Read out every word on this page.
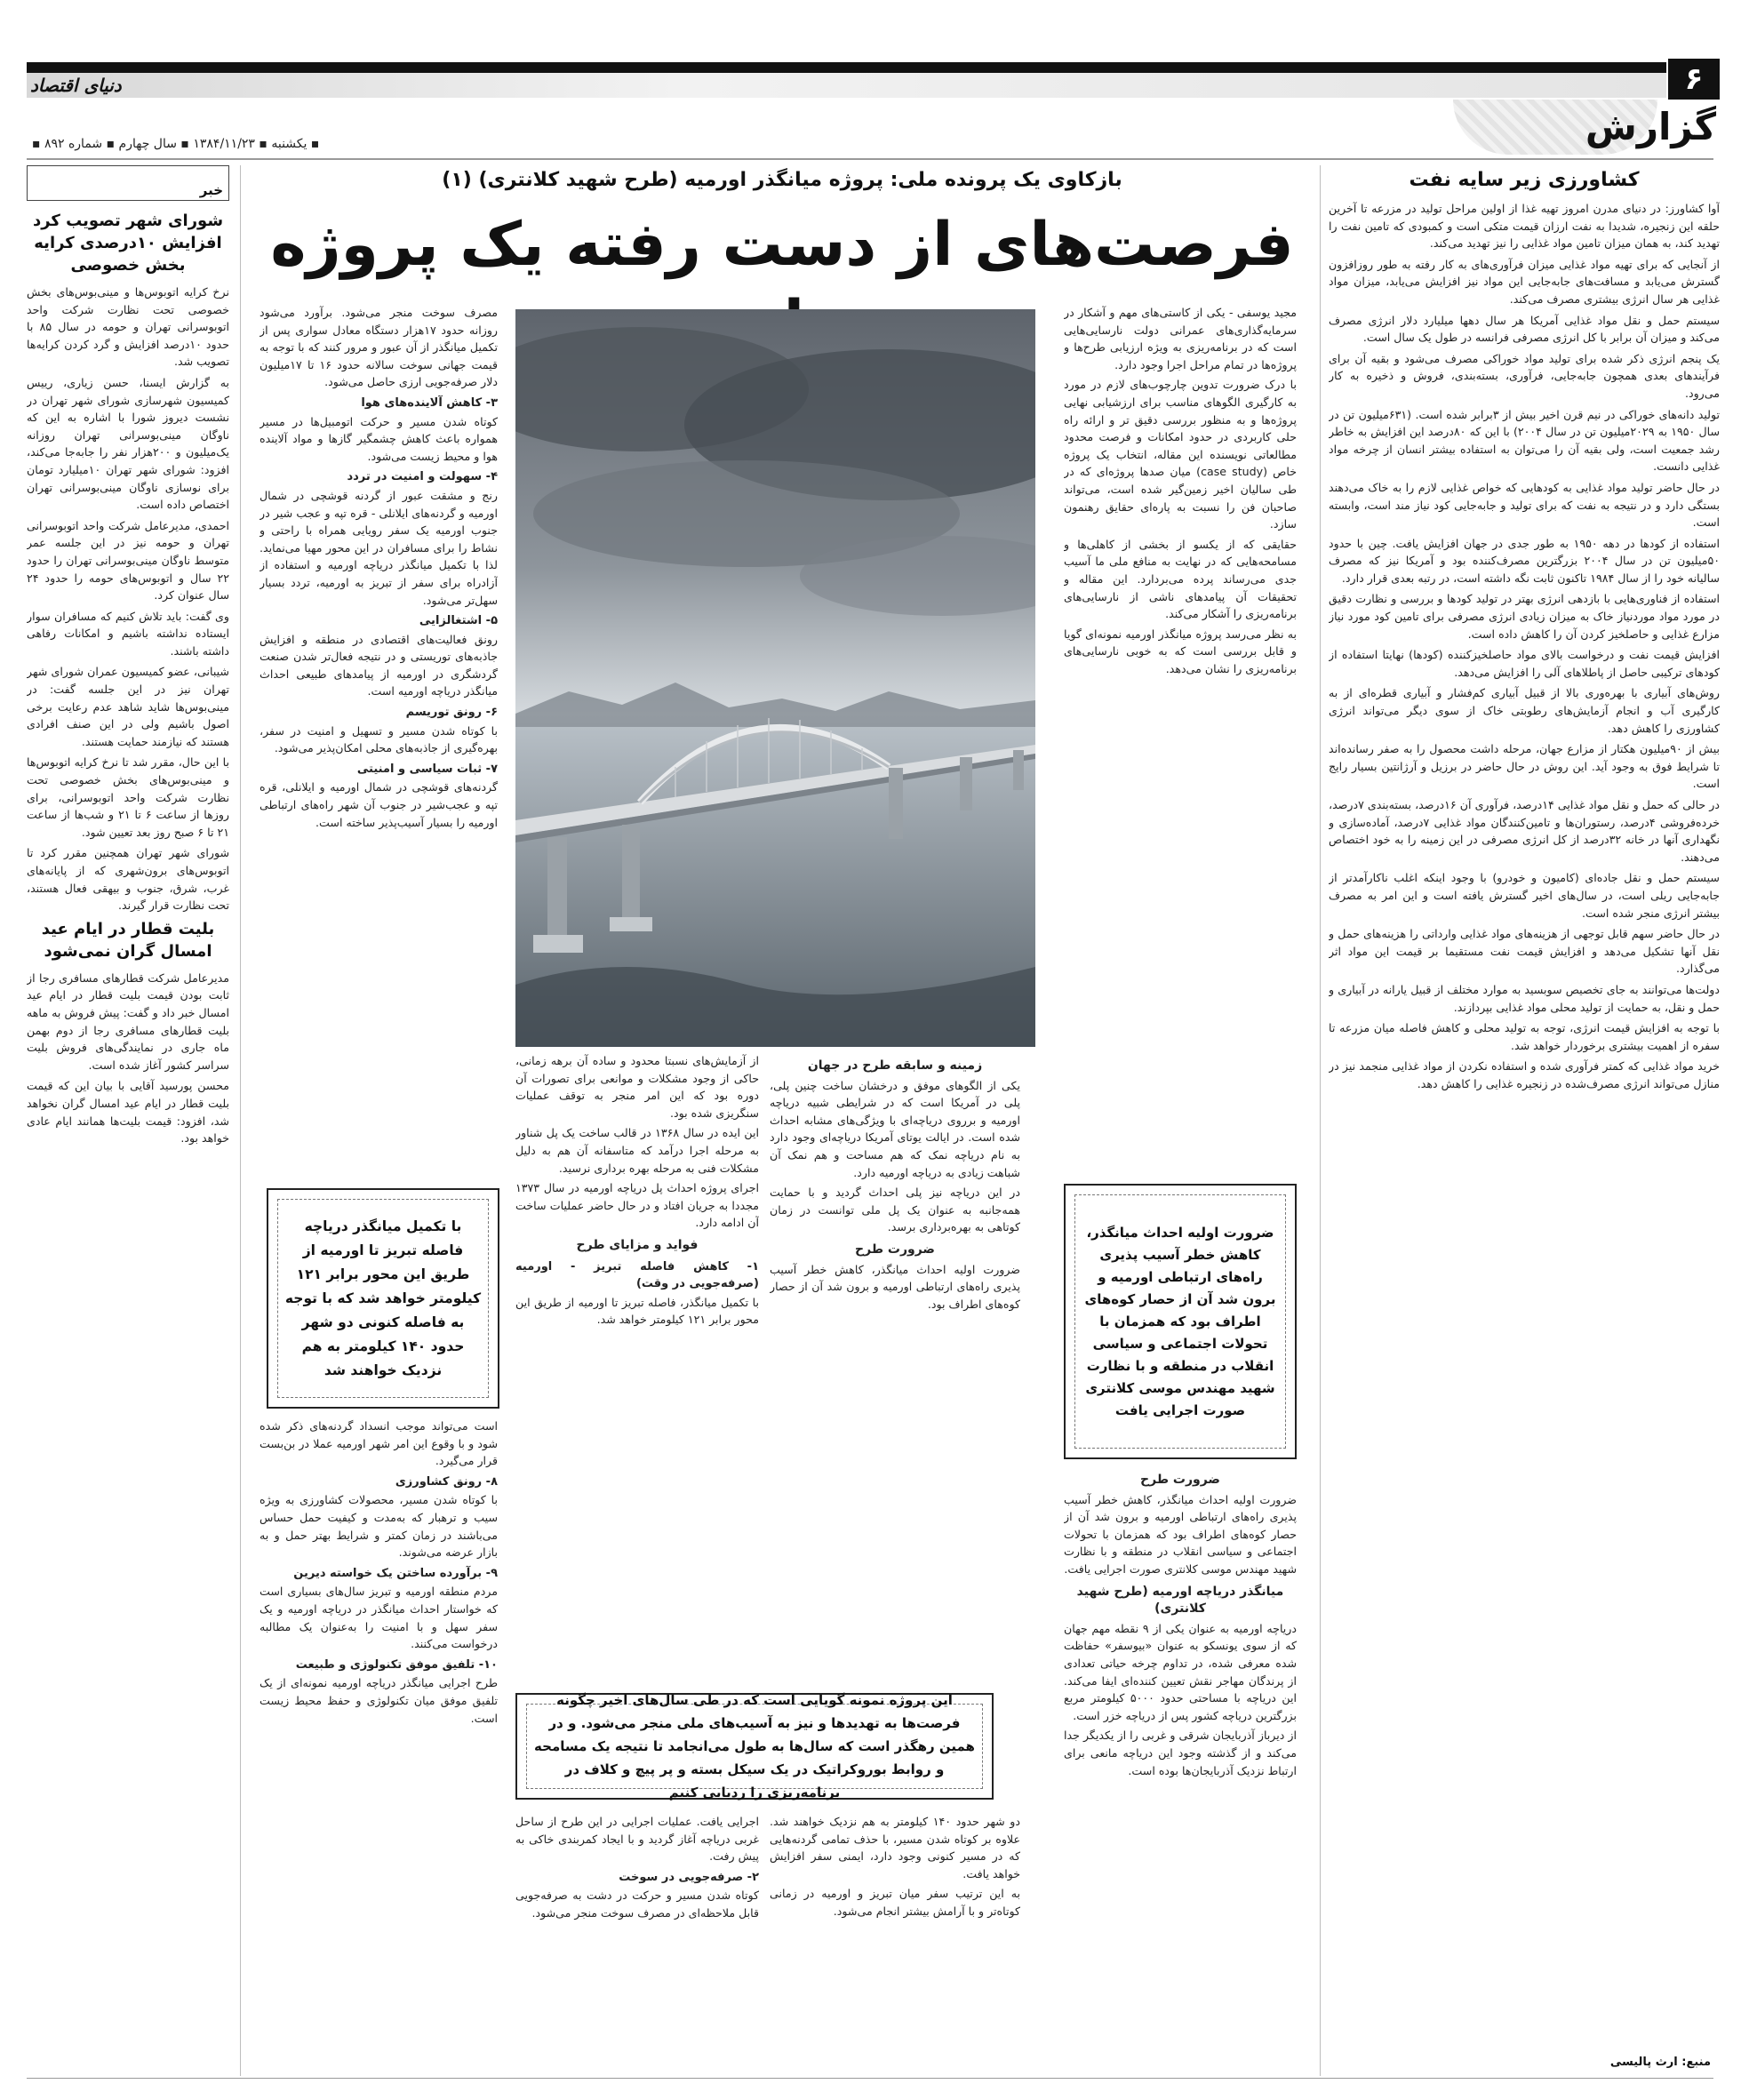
۶
دنیای اقتصاد
گزارش
▪ یکشنبه ▪ ۱۳۸۴/۱۱/۲۳ ▪ سال چهارم ▪ شماره ۸۹۲ ▪
کشاورزی زیر سایه نفت

آوا کشاورز: در دنیای مدرن امروز تهیه غذا از اولین مراحل تولید در مزرعه تا آخرین حلقه این زنجیره، شدیدا به نفت ارزان قیمت متکی است و کمبودی که تامین نفت را تهدید کند، به همان میزان تامین مواد غذایی را نیز تهدید می‌کند.

از آنجایی که برای تهیه مواد غذایی میزان فرآوری‌های به کار رفته به طور روزافزون گسترش می‌یابد و مسافت‌های جابه‌جایی این مواد نیز افزایش می‌یابد، میزان مواد غذایی هر سال انرژی بیشتری مصرف می‌کند.

سیستم حمل و نقل مواد غذایی آمریکا هر سال دهها میلیارد دلار انرژی مصرف می‌کند و میزان آن برابر با کل انرژی مصرفی فرانسه در طول یک سال است.

یک پنجم انرژی ذکر شده برای تولید مواد خوراکی مصرف می‌شود و بقیه آن برای فرآیندهای بعدی همچون جابه‌جایی، فرآوری، بسته‌بندی، فروش و ذخیره به کار می‌رود.

تولید دانه‌های خوراکی در نیم قرن اخیر بیش از ۳برابر شده است. (۶۳۱میلیون تن در سال ۱۹۵۰ به ۲۰۲۹میلیون تن در سال ۲۰۰۴) با این که ۸۰درصد این افزایش به خاطر رشد جمعیت است، ولی بقیه آن را می‌توان به استفاده بیشتر انسان از چرخه مواد غذایی دانست.

در حال حاضر تولید مواد غذایی به کودهایی که خواص غذایی لازم را به خاک می‌دهند بستگی دارد و در نتیجه به نفت که برای تولید و جابه‌جایی کود نیاز مند است، وابسته است.

استفاده از کودها در دهه ۱۹۵۰ به طور جدی در جهان افزایش یافت. چین با حدود ۵۰میلیون تن در سال ۲۰۰۴ بزرگترین مصرف‌کننده بود و آمریکا نیز که مصرف سالیانه خود را از سال ۱۹۸۴ تاکنون ثابت نگه داشته است، در رتبه بعدی قرار دارد.

استفاده از فناوری‌هایی با بازدهی انرژی بهتر در تولید کودها و بررسی و نظارت دقیق در مورد مواد موردنیاز خاک به میزان زیادی انرژی مصرفی برای تامین کود مورد نیاز مزارع غذایی و حاصلخیز کردن آن را کاهش داده است.

افزایش قیمت نفت و درخواست بالای مواد حاصلخیزکننده (کودها) نهایتا استفاده از کودهای ترکیبی حاصل از پاطلاهای آلی را افزایش می‌دهد.

روش‌های آبیاری با بهره‌وری بالا از قبیل آبیاری کم‌فشار و آبیاری قطره‌ای از به کارگیری آب و انجام آزمایش‌های رطوبتی خاک از سوی دیگر می‌تواند انرژی کشاورزی را کاهش دهد.

بیش از ۹۰میلیون هکتار از مزارع جهان، مرحله داشت محصول را به صفر رسانده‌اند تا شرایط فوق به وجود آید. این روش در حال حاضر در برزیل و آرژانتین بسیار رایج است.

در حالی که حمل و نقل مواد غذایی ۱۴درصد، فرآوری آن ۱۶درصد، بسته‌بندی ۷درصد، خرده‌فروشی ۴درصد، رستوران‌ها و تامین‌کنندگان مواد غذایی ۷درصد، آماده‌سازی و نگهداری آنها در خانه ۳۲درصد از کل انرژی مصرفی در این زمینه را به خود اختصاص می‌دهند.

سیستم حمل و نقل جاده‌ای (کامیون و خودرو) با وجود اینکه اغلب ناکارآمدتر از جابه‌جایی ریلی است، در سال‌های اخیر گسترش یافته است و این امر به مصرف بیشتر انرژی منجر شده است.

در حال حاضر سهم قابل توجهی از هزینه‌های مواد غذایی وارداتی را هزینه‌های حمل و نقل آنها تشکیل می‌دهد و افزایش قیمت نفت مستقیما بر قیمت این مواد اثر می‌گذارد.

دولت‌ها می‌توانند به جای تخصیص سوبسید به موارد مختلف از قبیل یارانه در آبیاری و حمل و نقل، به حمایت از تولید محلی مواد غذایی بپردازند.

با توجه به افزایش قیمت انرژی، توجه به تولید محلی و کاهش فاصله میان مزرعه تا سفره از اهمیت بیشتری برخوردار خواهد شد.

خرید مواد غذایی که کمتر فرآوری شده و استفاده نکردن از مواد غذایی منجمد نیز در منازل می‌تواند انرژی مصرف‌شده در زنجیره غذایی را کاهش دهد.

منبع: ارث پالیسی
خبر
شورای شهر تصویب کرد افزایش ۱۰درصدی کرایه بخش خصوصی

نرخ کرایه اتوبوس‌ها و مینی‌بوس‌های بخش خصوصی تحت نظارت شرکت واحد اتوبوسرانی تهران و حومه در سال ۸۵ با حدود ۱۰درصد افزایش و گرد کردن کرایه‌ها تصویب شد.

به گزارش ایسنا، حسن زیاری، رییس کمیسیون شهرسازی شورای شهر تهران در نشست دیروز شورا با اشاره به این که ناوگان مینی‌بوسرانی تهران روزانه یک‌میلیون و ۲۰۰هزار نفر را جابه‌جا می‌کند، افزود: شورای شهر تهران ۱۰میلیارد تومان برای نوسازی ناوگان مینی‌بوسرانی تهران اختصاص داده است.

احمدی، مدیرعامل شرکت واحد اتوبوسرانی تهران و حومه نیز در این جلسه عمر متوسط ناوگان مینی‌بوسرانی تهران را حدود ۲۲ سال و اتوبوس‌های حومه را حدود ۲۴ سال عنوان کرد.

وی گفت: باید تلاش کنیم که مسافران سوار ایستاده نداشته باشیم و امکانات رفاهی داشته باشند.

شیبانی، عضو کمیسیون عمران شورای شهر تهران نیز در این جلسه گفت: در مینی‌بوس‌ها شاید شاهد عدم رعایت برخی اصول باشیم ولی در این صنف افرادی هستند که نیازمند حمایت هستند.

با این حال، مقرر شد تا نرخ کرایه اتوبوس‌ها و مینی‌بوس‌های بخش خصوصی تحت نظارت شرکت واحد اتوبوسرانی، برای روزها از ساعت ۶ تا ۲۱ و شب‌ها از ساعت ۲۱ تا ۶ صبح روز بعد تعیین شود.

شورای شهر تهران همچنین مقرر کرد تا اتوبوس‌های برون‌شهری که از پایانه‌های غرب، شرق، جنوب و بیهقی فعال هستند، تحت نظارت قرار گیرند.

بلیت قطار در ایام عید امسال گران نمی‌شود

مدیرعامل شرکت قطارهای مسافری رجا از ثابت بودن قیمت بلیت قطار در ایام عید امسال خبر داد و گفت: پیش فروش به ماهه بلیت قطارهای مسافری رجا از دوم بهمن ماه جاری در نمایندگی‌های فروش بلیت سراسر کشور آغاز شده است.

محسن پورسید آقایی با بیان این که قیمت بلیت قطار در ایام عید امسال گران نخواهد شد، افزود: قیمت بلیت‌ها همانند ایام عادی خواهد بود.

بازکاوی یک پرونده ملی: پروژه میانگذر اورمیه (طرح شهید کلانتری) (۱)
فرصت‌های از دست رفته یک پروژه

مجید یوسفی - یکی از کاستی‌های مهم و آشکار در سرمایه‌گذاری‌های عمرانی دولت نارسایی‌هایی است که در برنامه‌ریزی به ویژه ارزیابی طرح‌ها و پروژه‌ها در تمام مراحل اجرا وجود دارد.

با درک ضرورت تدوین چارچوب‌های لازم در مورد به کارگیری الگوهای مناسب برای ارزشیابی نهایی پروژه‌ها و به منظور بررسی دقیق تر و ارائه راه حلی کاربردی در حدود امکانات و فرصت محدود مطالعاتی نویسنده این مقاله، انتخاب یک پروژه خاص (case study) میان صدها پروژه‌ای که در طی سالیان اخیر زمین‌گیر شده است، می‌تواند صاحبان فن را نسبت به پاره‌ای حقایق رهنمون سازد.

حقایقی که از یکسو از بخشی از کاهلی‌ها و مسامحه‌هایی که در نهایت به منافع ملی ما آسیب جدی می‌رساند پرده می‌بردارد. این مقاله و تحقیقات آن پیامدهای ناشی از نارسایی‌های برنامه‌ریزی را آشکار می‌کند.

به نظر می‌رسد پروژه میانگذر اورمیه نمونه‌ای گویا و قابل بررسی است که به خوبی نارسایی‌های برنامه‌ریزی را نشان می‌دهد.

مصرف سوخت منجر می‌شود. برآورد می‌شود روزانه حدود ۱۷هزار دستگاه معادل سواری پس از تکمیل میانگذر از آن عبور و مرور کنند که با توجه به قیمت جهانی سوخت سالانه حدود ۱۶ تا ۱۷میلیون دلار صرفه‌جویی ارزی حاصل می‌شود.

۳- کاهش آلاینده‌های هوا

کوتاه شدن مسیر و حرکت اتومبیل‌ها در مسیر همواره باعث کاهش چشمگیر گازها و مواد آلاینده هوا و محیط زیست می‌شود.

۴- سهولت و امنیت در تردد

رنج و مشقت عبور از گردنه قوشچی در شمال اورمیه و گردنه‌های ایلانلی - قره تپه و عجب شیر در جنوب اورمیه یک سفر رویایی همراه با راحتی و نشاط را برای مسافران در این محور مهیا می‌نماید. لذا با تکمیل میانگذر دریاچه اورمیه و استفاده از آزادراه برای سفر از تبریز به اورمیه، تردد بسیار سهل‌تر می‌شود.

۵- اشتغالزایی

رونق فعالیت‌های اقتصادی در منطقه و افزایش جاذبه‌های توریستی و در نتیجه فعال‌تر شدن صنعت گردشگری در اورمیه از پیامدهای طبیعی احداث میانگذر دریاچه اورمیه است.

۶- رونق توریسم

با کوتاه شدن مسیر و تسهیل و امنیت در سفر، بهره‌گیری از جاذبه‌های محلی امکان‌پذیر می‌شود.

۷- ثبات سیاسی و امنیتی

گردنه‌های قوشچی در شمال اورمیه و ایلانلی، قره تپه و عجب‌شیر در جنوب آن شهر راه‌های ارتباطی اورمیه را بسیار آسیب‌پذیر ساخته است.

ضرورت اولیه احداث میانگذر، کاهش خطر آسیب پذیری راه‌های ارتباطی اورمیه و برون شد آن از حصار کوه‌های اطراف بود که همزمان با تحولات اجتماعی و سیاسی انقلاب در منطقه و با نظارت شهید مهندس موسی کلانتری صورت اجرایی یافت
با تکمیل میانگذر دریاچه فاصله تبریز تا اورمیه از طریق این محور برابر ۱۲۱ کیلومتر خواهد شد که با توجه به فاصله کنونی دو شهر حدود ۱۴۰ کیلومتر به هم نزدیک خواهند شد
ضرورت طرح

ضرورت اولیه احداث میانگذر، کاهش خطر آسیب پذیری راه‌های ارتباطی اورمیه و برون شد آن از حصار کوه‌های اطراف بود که همزمان با تحولات اجتماعی و سیاسی انقلاب در منطقه و با نظارت شهید مهندس موسی کلانتری صورت اجرایی یافت.

میانگذر دریاچه اورمیه (طرح شهید کلانتری)

دریاچه اورمیه به عنوان یکی از ۹ نقطه مهم جهان که از سوی یونسکو به عنوان «بیوسفر» حفاظت شده معرفی شده، در تداوم چرخه حیاتی تعدادی از پرندگان مهاجر نقش تعیین کننده‌ای ایفا می‌کند. این دریاچه با مساحتی حدود ۵۰۰۰ کیلومتر مربع بزرگترین دریاچه کشور پس از دریاچه خزر است.

از دیرباز آذربایجان شرقی و غربی را از یکدیگر جدا می‌کند و از گذشته وجود این دریاچه مانعی برای ارتباط نزدیک آذربایجان‌ها بوده است.

زمینه و سابقه طرح در جهان

یکی از الگوهای موفق و درخشان ساخت چنین پلی، پلی در آمریکا است که در شرایطی شبیه دریاچه اورمیه و برروی دریاچه‌ای با ویژگی‌های مشابه احداث شده است. در ایالت یوتای آمریکا دریاچه‌ای وجود دارد به نام دریاچه نمک که هم مساحت و هم نمک آن شباهت زیادی به دریاچه اورمیه دارد.

در این دریاچه نیز پلی احداث گردید و با حمایت همه‌جانبه به عنوان یک پل ملی توانست در زمان کوتاهی به بهره‌برداری برسد.

ضرورت طرح

ضرورت اولیه احداث میانگذر، کاهش خطر آسیب پذیری راه‌های ارتباطی اورمیه و برون شد آن از حصار کوه‌های اطراف بود.

از آزمایش‌های نسبتا محدود و ساده آن برهه زمانی، حاکی از وجود مشکلات و موانعی برای تصورات آن دوره بود که این امر منجر به توقف عملیات سنگریزی شده بود.

این ایده در سال ۱۳۶۸ در قالب ساخت یک پل شناور به مرحله اجرا درآمد که متاسفانه آن هم به دلیل مشکلات فنی به مرحله بهره برداری نرسید.

اجرای پروژه احداث پل دریاچه اورمیه در سال ۱۳۷۳ مجددا به جریان افتاد و در حال حاضر عملیات ساخت آن ادامه دارد.

فواید و مزایای طرح
۱- کاهش فاصله تبریز - اورمیه (صرفه‌جویی در وقت)

با تکمیل میانگذر، فاصله تبریز تا اورمیه از طریق این محور برابر ۱۲۱ کیلومتر خواهد شد.

است می‌تواند موجب انسداد گردنه‌های ذکر شده شود و با وقوع این امر شهر اورمیه عملا در بن‌بست قرار می‌گیرد.

۸- رونق کشاورزی

با کوتاه شدن مسیر، محصولات کشاورزی به ویژه سیب و ترهبار که به‌مدت و کیفیت حمل حساس می‌باشند در زمان کمتر و شرایط بهتر حمل و به بازار عرضه می‌شوند.

۹- برآورده ساختن یک خواسته دیرین

مردم منطقه اورمیه و تبریز سال‌های بسیاری است که خواستار احداث میانگذر در دریاچه اورمیه و یک سفر سهل و با امنیت را به‌عنوان یک مطالبه درخواست می‌کنند.

۱۰- تلفیق موفق تکنولوژی و طبیعت

طرح اجرایی میانگذر دریاچه اورمیه نمونه‌ای از یک تلفیق موفق میان تکنولوژی و حفظ محیط زیست است.

این پروژه نمونه گویایی است که در طی سال‌های اخیر چگونه فرصت‌ها به تهدیدها و نیز به آسیب‌های ملی منجر می‌شود. و در همین رهگذر است که سال‌ها به طول می‌انجامد تا نتیجه یک مسامحه و روابط بوروکراتیک در یک سیکل بسته و پر پیچ و کلاف در برنامه‌ریزی را ردیابی کنیم

اجرایی یافت. عملیات اجرایی در این طرح از ساحل غربی دریاچه آغاز گردید و با ایجاد کمربندی خاکی به پیش رفت.

۲- صرفه‌جویی در سوخت

کوتاه شدن مسیر و حرکت در دشت به صرفه‌جویی قابل ملاحظه‌ای در مصرف سوخت منجر می‌شود.

دو شهر حدود ۱۴۰ کیلومتر به هم نزدیک خواهند شد. علاوه بر کوتاه شدن مسیر، با حذف تمامی گردنه‌هایی که در مسیر کنونی وجود دارد، ایمنی سفر افزایش خواهد یافت.

به این ترتیب سفر میان تبریز و اورمیه در زمانی کوتاه‌تر و با آرامش بیشتر انجام می‌شود.
